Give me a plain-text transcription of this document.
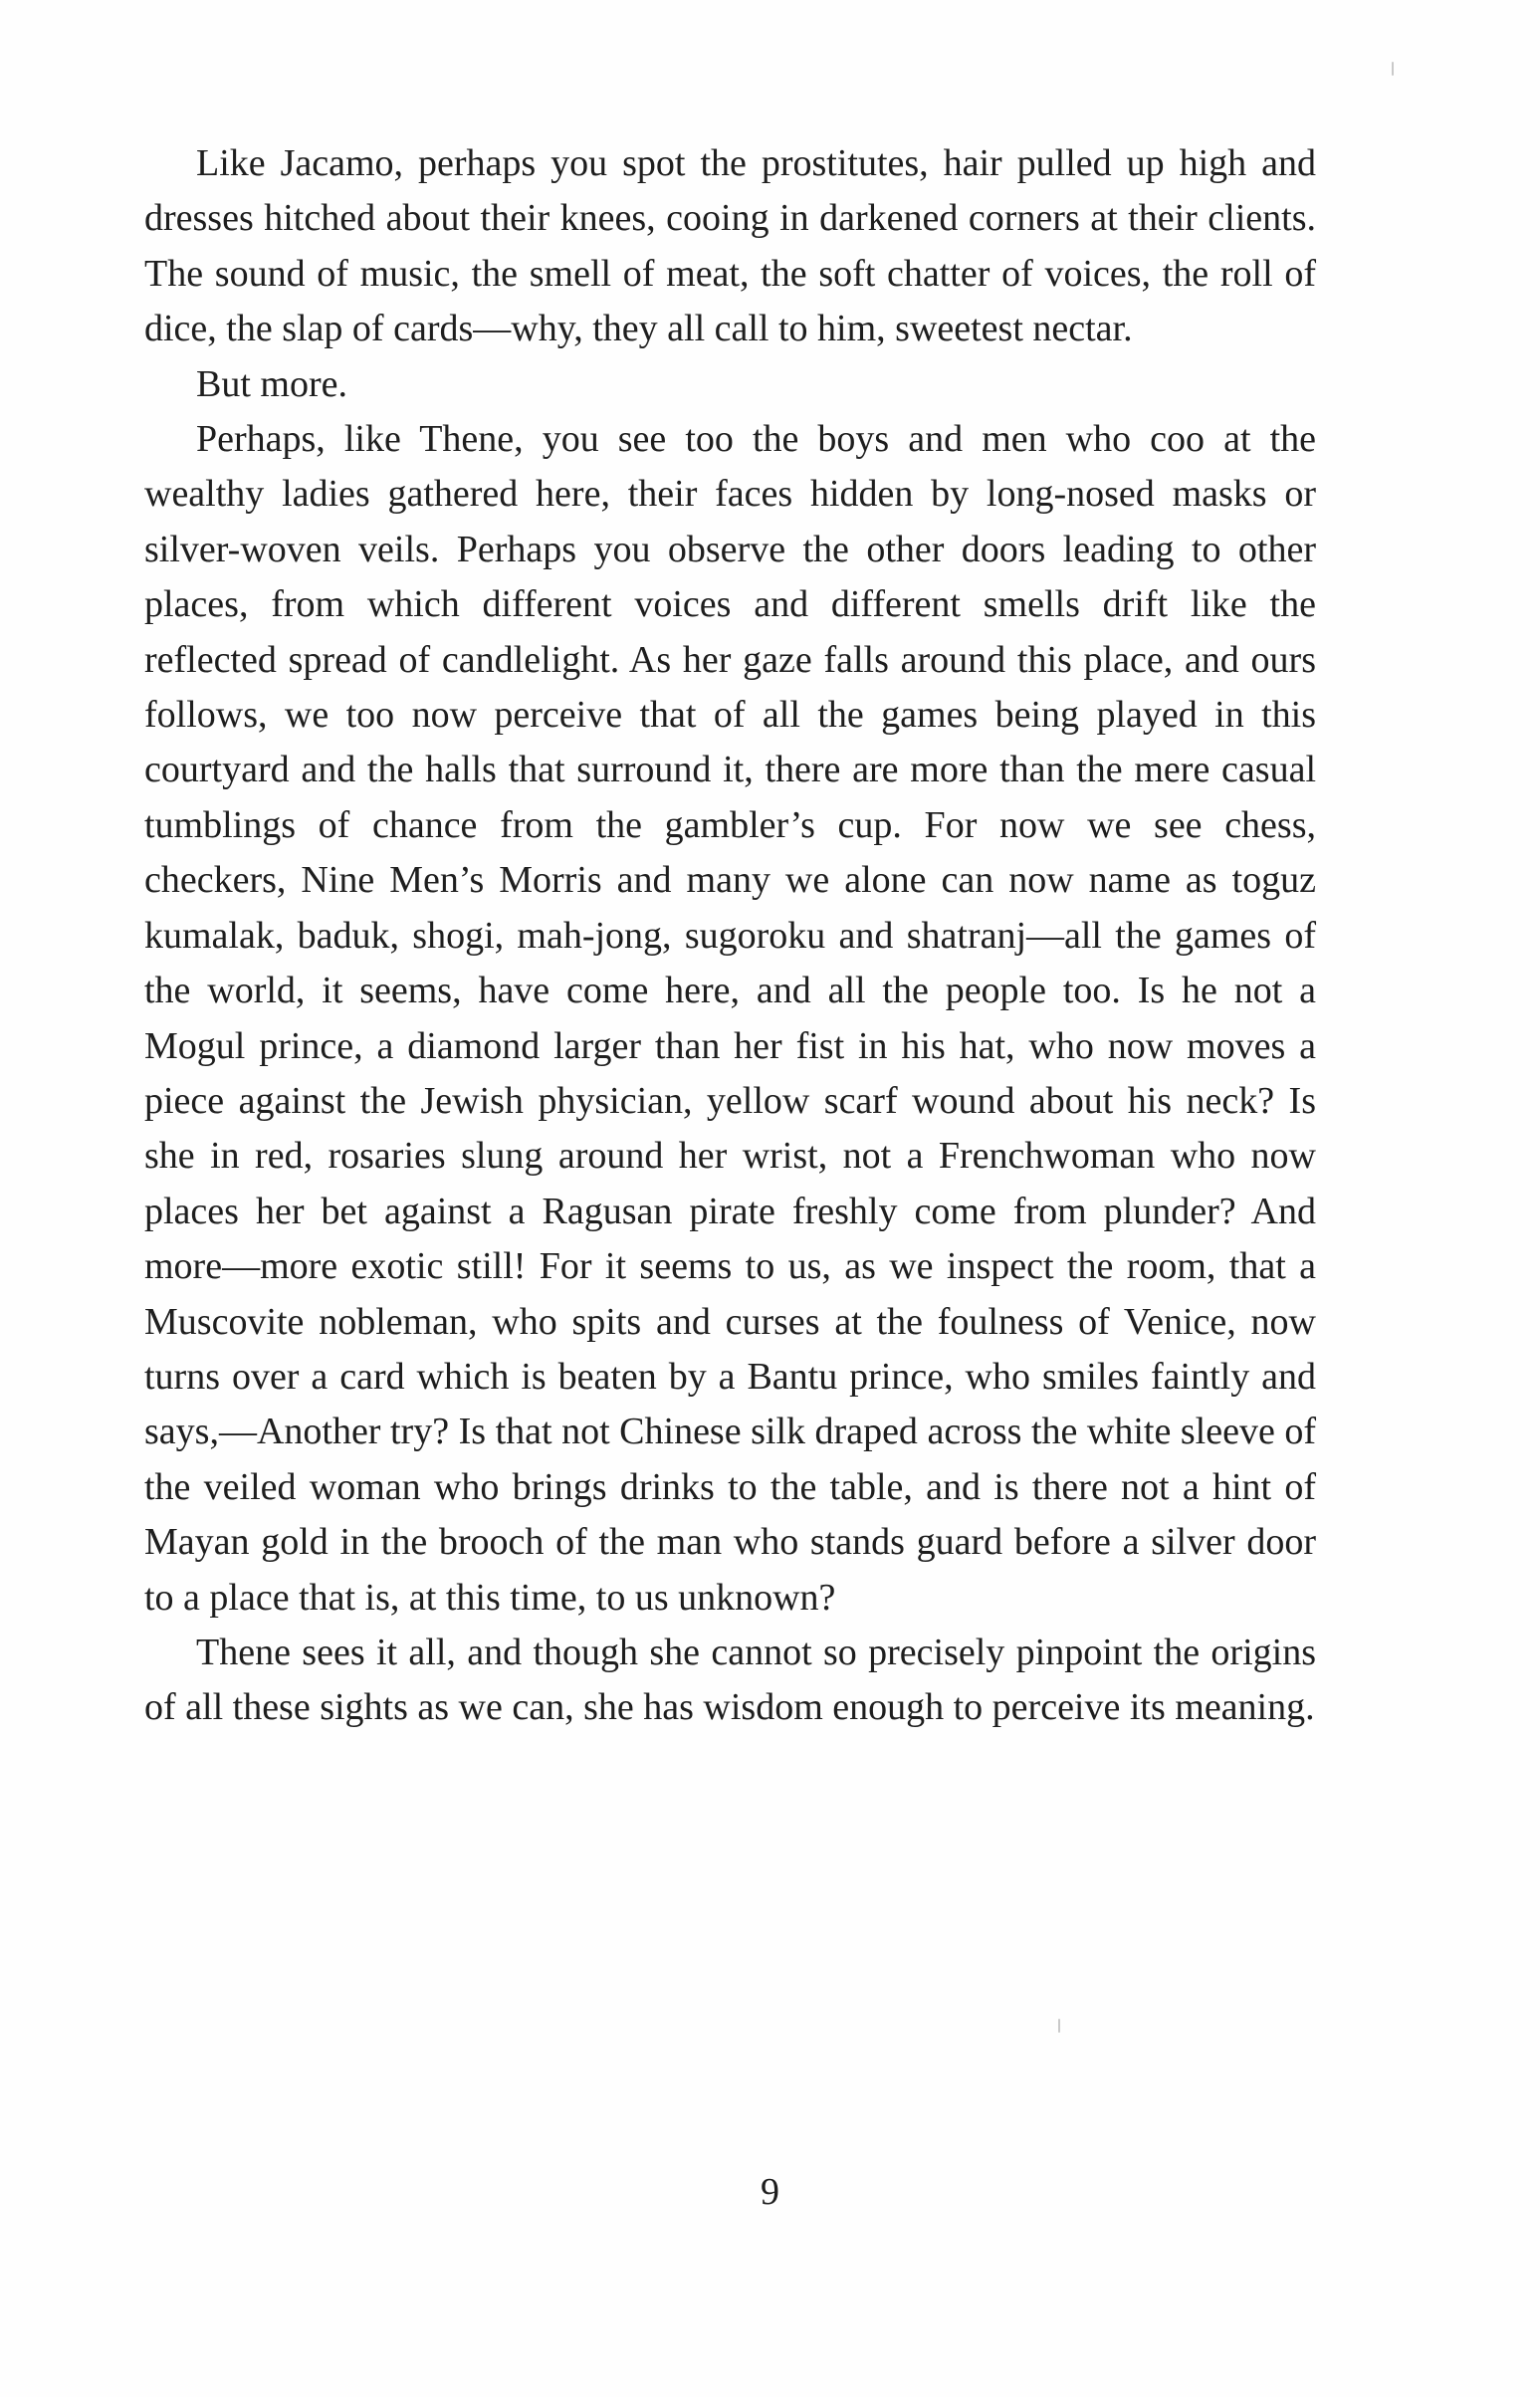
Like Jacamo, perhaps you spot the prostitutes, hair pulled up high and dresses hitched about their knees, cooing in darkened corners at their clients. The sound of music, the smell of meat, the soft chatter of voices, the roll of dice, the slap of cards—why, they all call to him, sweetest nectar.

But more.

Perhaps, like Thene, you see too the boys and men who coo at the wealthy ladies gathered here, their faces hidden by long-nosed masks or silver-woven veils. Perhaps you observe the other doors leading to other places, from which different voices and different smells drift like the reflected spread of candlelight. As her gaze falls around this place, and ours follows, we too now perceive that of all the games being played in this courtyard and the halls that surround it, there are more than the mere casual tumblings of chance from the gambler’s cup. For now we see chess, checkers, Nine Men’s Morris and many we alone can now name as toguz kumalak, baduk, shogi, mah-jong, sugoroku and shatranj—all the games of the world, it seems, have come here, and all the people too. Is he not a Mogul prince, a diamond larger than her fist in his hat, who now moves a piece against the Jewish physician, yellow scarf wound about his neck? Is she in red, rosaries slung around her wrist, not a Frenchwoman who now places her bet against a Ragusan pirate freshly come from plunder? And more—more exotic still! For it seems to us, as we inspect the room, that a Muscovite nobleman, who spits and curses at the foulness of Venice, now turns over a card which is beaten by a Bantu prince, who smiles faintly and says,—Another try? Is that not Chinese silk draped across the white sleeve of the veiled woman who brings drinks to the table, and is there not a hint of Mayan gold in the brooch of the man who stands guard before a silver door to a place that is, at this time, to us unknown?

Thene sees it all, and though she cannot so precisely pinpoint the origins of all these sights as we can, she has wisdom enough to perceive its meaning.

9
